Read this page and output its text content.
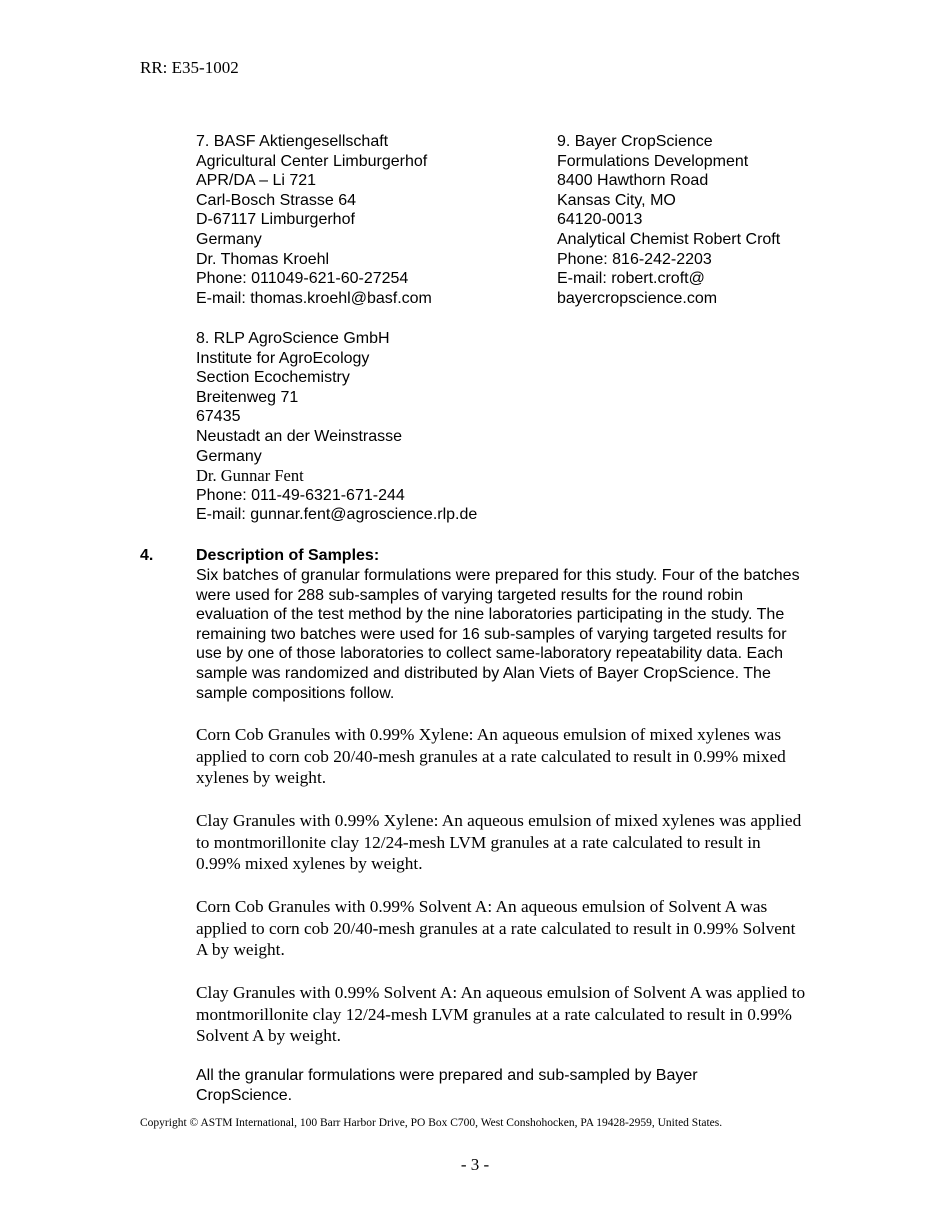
RR: E35-1002
7. BASF Aktiengesellschaft
Agricultural Center Limburgerhof
APR/DA – Li 721
Carl-Bosch Strasse 64
D-67117 Limburgerhof
Germany
Dr. Thomas Kroehl
Phone: 011049-621-60-27254
E-mail: thomas.kroehl@basf.com
9. Bayer CropScience
Formulations Development
8400 Hawthorn Road
Kansas City, MO
64120-0013
Analytical Chemist Robert Croft
Phone: 816-242-2203
E-mail: robert.croft@
bayercropscience.com
8. RLP AgroScience GmbH
Institute for AgroEcology
Section Ecochemistry
Breitenweg 71
67435
Neustadt an der Weinstrasse
Germany
Dr. Gunnar Fent
Phone: 011-49-6321-671-244
E-mail: gunnar.fent@agroscience.rlp.de
4.	Description of Samples:
Six batches of granular formulations were prepared for this study. Four of the batches were used for 288 sub-samples of varying targeted results for the round robin evaluation of the test method by the nine laboratories participating in the study. The remaining two batches were used for 16 sub-samples of varying targeted results for use by one of those laboratories to collect same-laboratory repeatability data. Each sample was randomized and distributed by Alan Viets of Bayer CropScience. The sample compositions follow.
Corn Cob Granules with 0.99% Xylene: An aqueous emulsion of mixed xylenes was applied to corn cob 20/40-mesh granules at a rate calculated to result in 0.99% mixed xylenes by weight.
Clay Granules with 0.99% Xylene: An aqueous emulsion of mixed xylenes was applied to montmorillonite clay 12/24-mesh LVM granules at a rate calculated to result in 0.99% mixed xylenes by weight.
Corn Cob Granules with 0.99% Solvent A: An aqueous emulsion of Solvent A was applied to corn cob 20/40-mesh granules at a rate calculated to result in 0.99% Solvent A by weight.
Clay Granules with 0.99% Solvent A: An aqueous emulsion of Solvent A was applied to montmorillonite clay 12/24-mesh LVM granules at a rate calculated to result in 0.99% Solvent A by weight.
All the granular formulations were prepared and sub-sampled by Bayer CropScience.
Copyright © ASTM International, 100 Barr Harbor Drive, PO Box C700, West Conshohocken, PA 19428-2959, United States.
- 3 -
